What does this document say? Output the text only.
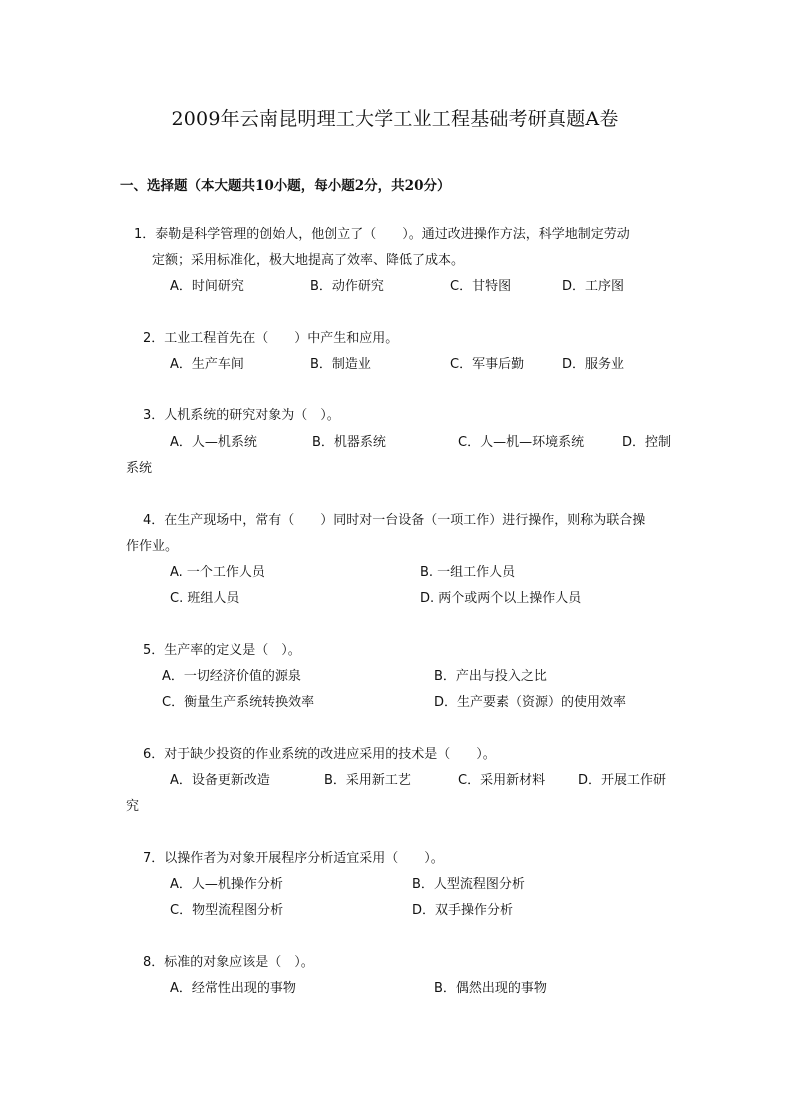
2009年云南昆明理工大学工业工程基础考研真题A卷
一、选择题（本大题共10小题，每小题2分，共20分）
1．泰勒是科学管理的创始人，他创立了（　　）。通过改进操作方法，科学地制定劳动
定额；采用标准化，极大地提高了效率、降低了成本。
A．时间研究	B．动作研究	C．甘特图	D．工序图
2．工业工程首先在（　　）中产生和应用。
A．生产车间	B．制造业	C．军事后勤	D．服务业
3．人机系统的研究对象为（　）。
A．人—机系统	B．机器系统	C．人—机—环境系统	D．控制
系统
4．在生产现场中，常有（　　）同时对一台设备（一项工作）进行操作，则称为联合操
作作业。
A. 一个工作人员	B. 一组工作人员
C. 班组人员	D. 两个或两个以上操作人员
5．生产率的定义是（　）。
A．一切经济价值的源泉	B．产出与投入之比
C．衡量生产系统转换效率	D．生产要素（资源）的使用效率
6．对于缺少投资的作业系统的改进应采用的技术是（　　）。
A．设备更新改造	B．采用新工艺	C．采用新材料	D．开展工作研
究
7．以操作者为对象开展程序分析适宜采用（　　）。
A．人—机操作分析	B．人型流程图分析
C．物型流程图分析	D．双手操作分析
8．标准的对象应该是（　）。
A．经常性出现的事物	B．偶然出现的事物
